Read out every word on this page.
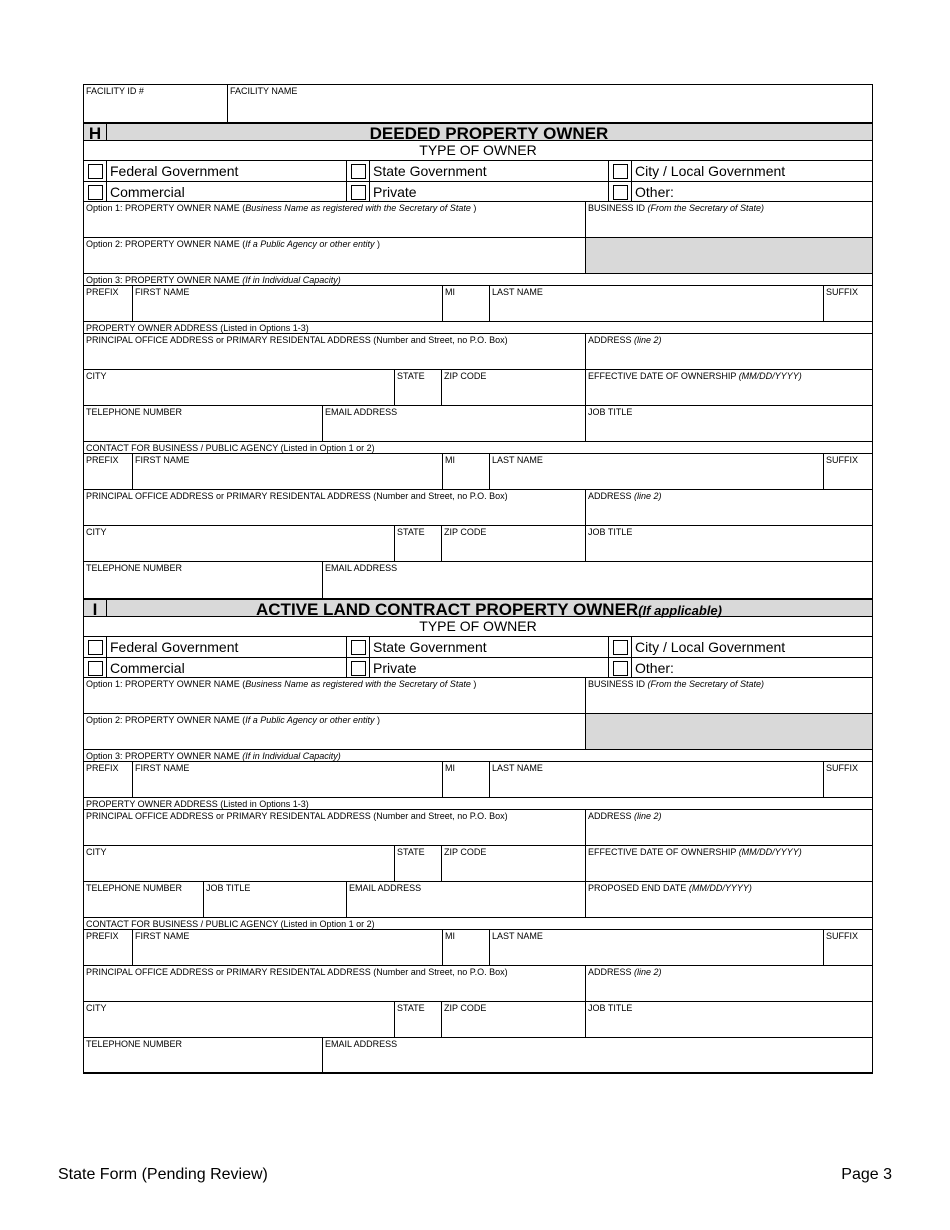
FACILITY ID #	FACILITY NAME
H	DEEDED PROPERTY OWNER
TYPE OF OWNER
Federal Government	State Government	City / Local Government
Commercial	Private	Other:
Option 1: PROPERTY OWNER NAME (Business Name as registered with the Secretary of State )	BUSINESS ID (From the Secretary of State)
Option 2: PROPERTY OWNER NAME (If a Public Agency or other entity )
Option 3: PROPERTY OWNER NAME (If in Individual Capacity)
PREFIX FIRST NAME	MI	LAST NAME	SUFFIX
PROPERTY OWNER ADDRESS (Listed in Options 1-3)
PRINCIPAL OFFICE ADDRESS or PRIMARY RESIDENTAL ADDRESS (Number and Street, no P.O. Box)	ADDRESS (line 2)
CITY	STATE ZIP CODE	EFFECTIVE DATE OF OWNERSHIP (MM/DD/YYYY)
TELEPHONE NUMBER	EMAIL ADDRESS	JOB TITLE
CONTACT FOR BUSINESS / PUBLIC AGENCY (Listed in Option 1 or 2)
PREFIX FIRST NAME	MI	LAST NAME	SUFFIX
PRINCIPAL OFFICE ADDRESS or PRIMARY RESIDENTAL ADDRESS (Number and Street, no P.O. Box)	ADDRESS (line 2)
CITY	STATE ZIP CODE	JOB TITLE
TELEPHONE NUMBER	EMAIL ADDRESS
I	ACTIVE LAND CONTRACT PROPERTY OWNER(If applicable)
TYPE OF OWNER
Federal Government	State Government	City / Local Government
Commercial	Private	Other:
Option 1: PROPERTY OWNER NAME (Business Name as registered with the Secretary of State )	BUSINESS ID (From the Secretary of State)
Option 2: PROPERTY OWNER NAME (If a Public Agency or other entity )
Option 3: PROPERTY OWNER NAME (If in Individual Capacity)
PREFIX FIRST NAME	MI	LAST NAME	SUFFIX
PROPERTY OWNER ADDRESS (Listed in Options 1-3)
PRINCIPAL OFFICE ADDRESS or PRIMARY RESIDENTAL ADDRESS (Number and Street, no P.O. Box)	ADDRESS (line 2)
CITY	STATE ZIP CODE	EFFECTIVE DATE OF OWNERSHIP (MM/DD/YYYY)
TELEPHONE NUMBER	JOB TITLE	EMAIL ADDRESS	PROPOSED END DATE (MM/DD/YYYY)
CONTACT FOR BUSINESS / PUBLIC AGENCY (Listed in Option 1 or 2)
PREFIX FIRST NAME	MI	LAST NAME	SUFFIX
PRINCIPAL OFFICE ADDRESS or PRIMARY RESIDENTAL ADDRESS (Number and Street, no P.O. Box)	ADDRESS (line 2)
CITY	STATE ZIP CODE	JOB TITLE
TELEPHONE NUMBER	EMAIL ADDRESS
State Form (Pending Review)	Page 3
